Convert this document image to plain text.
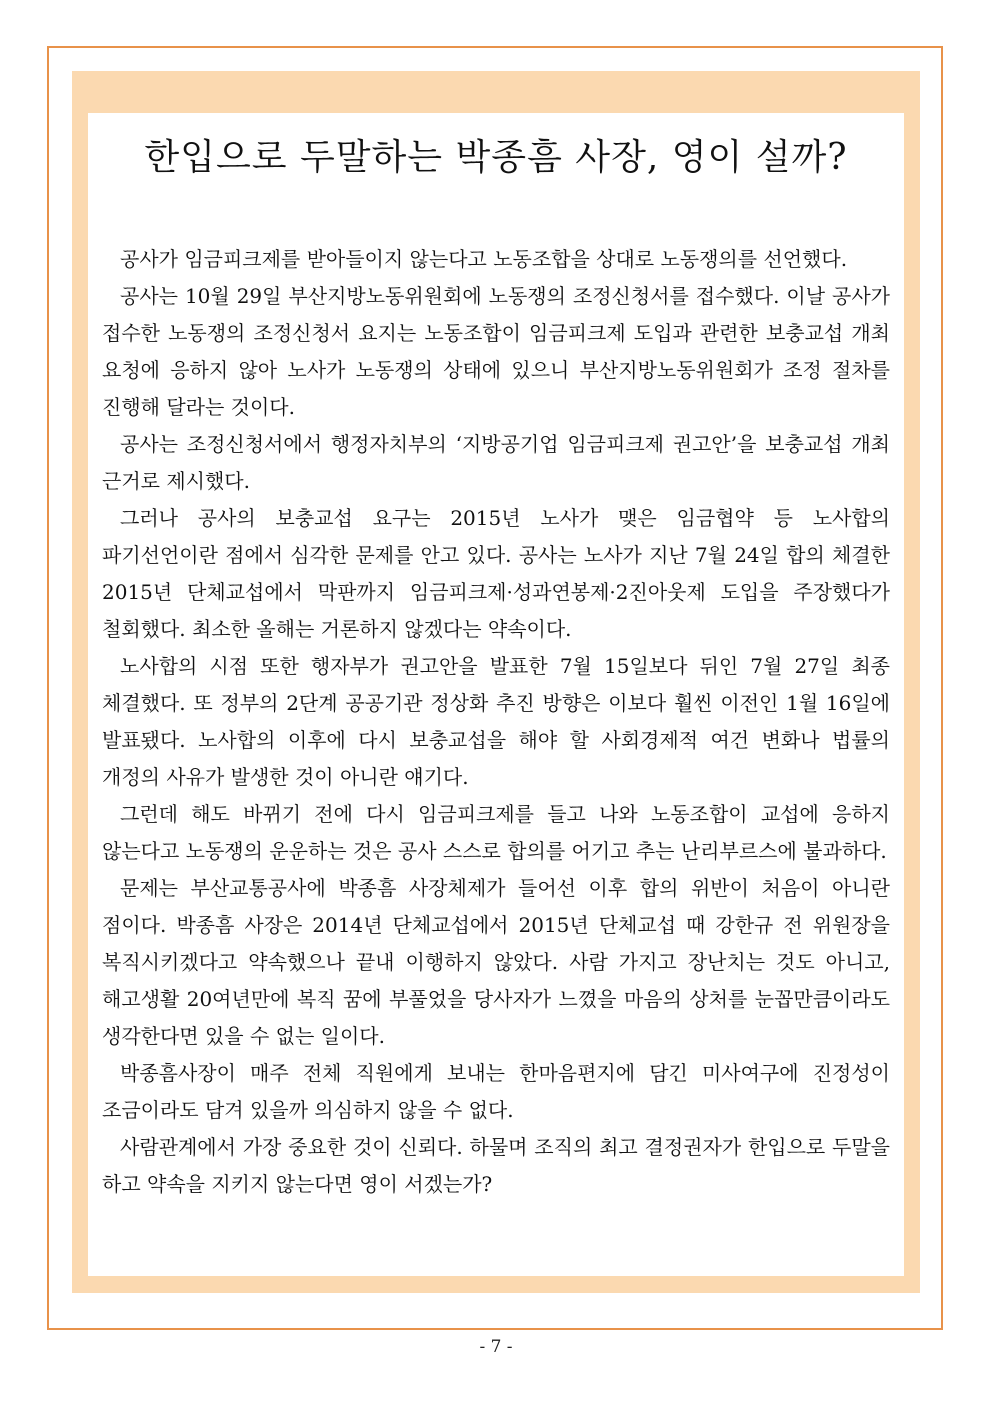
한입으로 두말하는 박종흠 사장, 영이 설까?

공사가 임금피크제를 받아들이지 않는다고 노동조합을 상대로 노동쟁의를 선언했다.

공사는 10월 29일 부산지방노동위원회에 노동쟁의 조정신청서를 접수했다. 이날 공사가 접수한 노동쟁의 조정신청서 요지는 노동조합이 임금피크제 도입과 관련한 보충교섭 개최 요청에 응하지 않아 노사가 노동쟁의 상태에 있으니 부산지방노동위원회가 조정 절차를 진행해 달라는 것이다.

공사는 조정신청서에서 행정자치부의 ‘지방공기업 임금피크제 권고안’을 보충교섭 개최 근거로 제시했다.

그러나 공사의 보충교섭 요구는 2015년 노사가 맺은 임금협약 등 노사합의 파기선언이란 점에서 심각한 문제를 안고 있다. 공사는 노사가 지난 7월 24일 합의 체결한 2015년 단체교섭에서 막판까지 임금피크제·성과연봉제·2진아웃제 도입을 주장했다가 철회했다. 최소한 올해는 거론하지 않겠다는 약속이다.

노사합의 시점 또한 행자부가 권고안을 발표한 7월 15일보다 뒤인 7월 27일 최종 체결했다. 또 정부의 2단계 공공기관 정상화 추진 방향은 이보다 훨씬 이전인 1월 16일에 발표됐다. 노사합의 이후에 다시 보충교섭을 해야 할 사회경제적 여건 변화나 법률의 개정의 사유가 발생한 것이 아니란 얘기다.

그런데 해도 바뀌기 전에 다시 임금피크제를 들고 나와 노동조합이 교섭에 응하지 않는다고 노동쟁의 운운하는 것은 공사 스스로 합의를 어기고 추는 난리부르스에 불과하다.

문제는 부산교통공사에 박종흠 사장체제가 들어선 이후 합의 위반이 처음이 아니란 점이다. 박종흠 사장은 2014년 단체교섭에서 2015년 단체교섭 때 강한규 전 위원장을 복직시키겠다고 약속했으나 끝내 이행하지 않았다. 사람 가지고 장난치는 것도 아니고, 해고생활 20여년만에 복직 꿈에 부풀었을 당사자가 느꼈을 마음의 상처를 눈꼽만큼이라도 생각한다면 있을 수 없는 일이다.

박종흠사장이 매주 전체 직원에게 보내는 한마음편지에 담긴 미사여구에 진정성이 조금이라도 담겨 있을까 의심하지 않을 수 없다.

사람관계에서 가장 중요한 것이 신뢰다. 하물며 조직의 최고 결정권자가 한입으로 두말을 하고 약속을 지키지 않는다면 영이 서겠는가?

- 7 -
